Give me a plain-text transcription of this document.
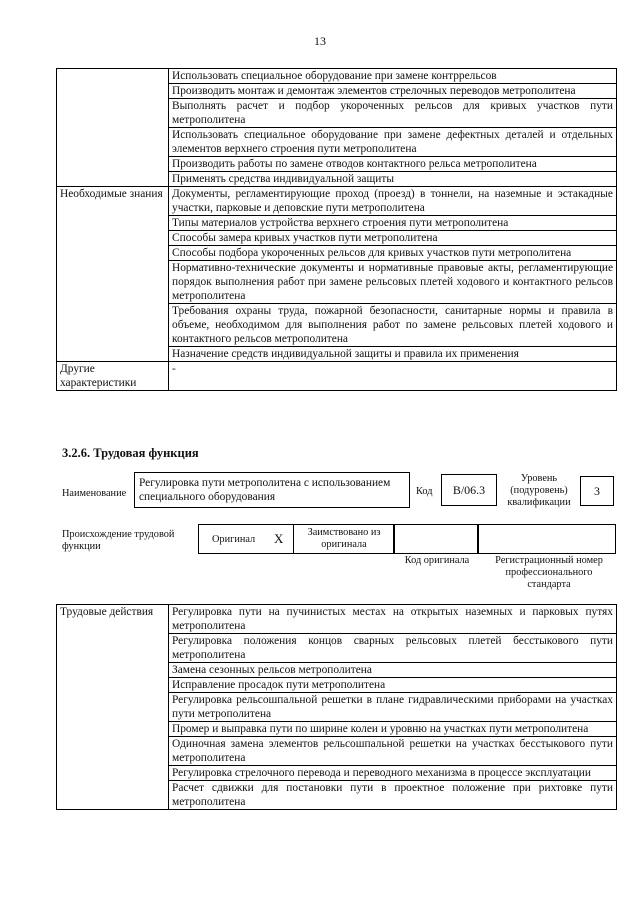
13
	Использовать специальное оборудование при замене контррельсов
	Производить монтаж и демонтаж элементов стрелочных переводов метрополитена
	Выполнять расчет и подбор укороченных рельсов для кривых участков пути метрополитена
	Использовать специальное оборудование при замене дефектных деталей и отдельных элементов верхнего строения пути метрополитена
	Производить работы по замене отводов контактного рельса метрополитена
	Применять средства индивидуальной защиты
Необходимые знания	Документы, регламентирующие проход (проезд) в тоннели, на наземные и эстакадные участки, парковые и деповские пути метрополитена
	Типы материалов устройства верхнего строения пути метрополитена
	Способы замера кривых участков пути метрополитена
	Способы подбора укороченных рельсов для кривых участков пути метрополитена
	Нормативно-технические документы и нормативные правовые акты, регламентирующие порядок выполнения работ при замене рельсовых плетей ходового и контактного рельсов метрополитена
	Требования охраны труда, пожарной безопасности, санитарные нормы и правила в объеме, необходимом для выполнения работ по замене рельсовых плетей ходового и контактного рельсов метрополитена
	Назначение средств индивидуальной защиты и правила их применения
Другие характеристики	-
3.2.6. Трудовая функция
Наименование
Регулировка пути метрополитена с использованием специального оборудования	Код	B/06.3
Уровень (подуровень) квалификации
3
Происхождение трудовой функции
Оригинал X	Заимствовано из оригинала
Код оригинала	Регистрационный номер профессионального стандарта
Трудовые действия	Регулировка пути на пучинистых местах на открытых наземных и парковых путях метрополитена
Регулировка положения концов сварных рельсовых плетей бесстыкового пути метрополитена
Замена сезонных рельсов метрополитена
Исправление просадок пути метрополитена
Регулировка рельсошпальной решетки в плане гидравлическими приборами на участках пути метрополитена
Промер и выправка пути по ширине колеи и уровню на участках пути метрополитена
Одиночная замена элементов рельсошпальной решетки на участках бесстыкового пути метрополитена
Регулировка стрелочного перевода и переводного механизма в процессе эксплуатации
Расчет сдвижки для постановки пути в проектное положение при рихтовке пути метрополитена
